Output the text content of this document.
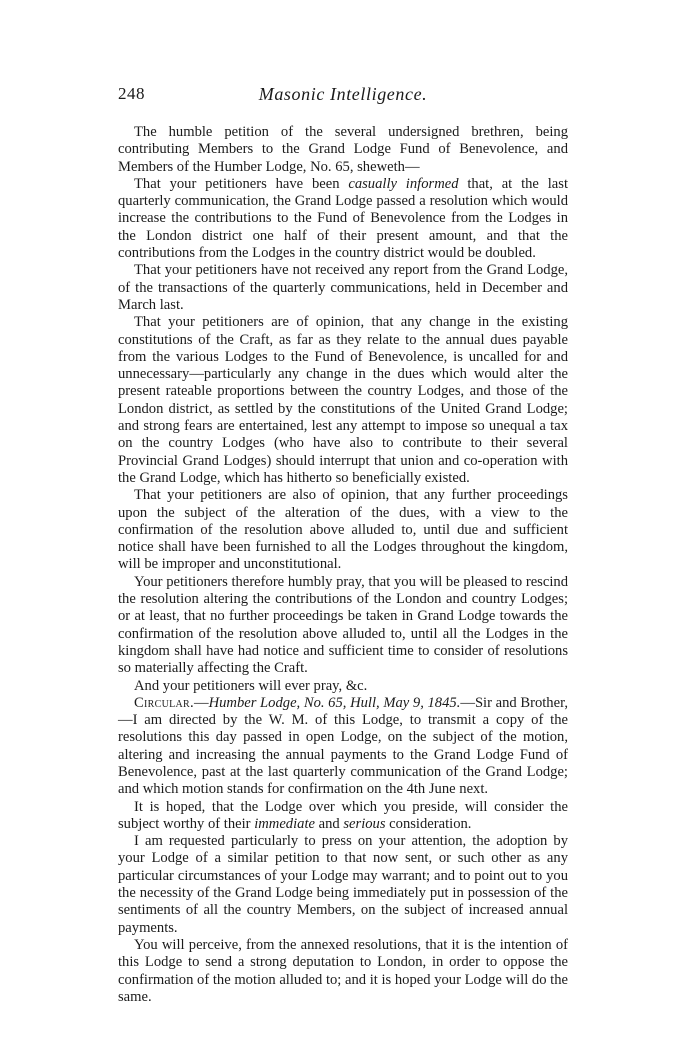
248	Masonic Intelligence.

The humble petition of the several undersigned brethren, being contributing Members to the Grand Lodge Fund of Benevolence, and Members of the Humber Lodge, No. 65, sheweth—

That your petitioners have been casually informed that, at the last quarterly communication, the Grand Lodge passed a resolution which would increase the contributions to the Fund of Benevolence from the Lodges in the London district one half of their present amount, and that the contributions from the Lodges in the country district would be doubled.

That your petitioners have not received any report from the Grand Lodge, of the transactions of the quarterly communications, held in December and March last.

That your petitioners are of opinion, that any change in the existing constitutions of the Craft, as far as they relate to the annual dues payable from the various Lodges to the Fund of Benevolence, is uncalled for and unnecessary—particularly any change in the dues which would alter the present rateable proportions between the country Lodges, and those of the London district, as settled by the constitutions of the United Grand Lodge; and strong fears are entertained, lest any attempt to impose so unequal a tax on the country Lodges (who have also to contribute to their several Provincial Grand Lodges) should interrupt that union and co-operation with the Grand Lodge, which has hitherto so beneficially existed.

That your petitioners are also of opinion, that any further proceedings upon the subject of the alteration of the dues, with a view to the confirmation of the resolution above alluded to, until due and sufficient notice shall have been furnished to all the Lodges throughout the kingdom, will be improper and unconstitutional.

Your petitioners therefore humbly pray, that you will be pleased to rescind the resolution altering the contributions of the London and country Lodges; or at least, that no further proceedings be taken in Grand Lodge towards the confirmation of the resolution above alluded to, until all the Lodges in the kingdom shall have had notice and sufficient time to consider of resolutions so materially affecting the Craft.

And your petitioners will ever pray, &c.

Circular.—Humber Lodge, No. 65, Hull, May 9, 1845.—Sir and Brother,—I am directed by the W. M. of this Lodge, to transmit a copy of the resolutions this day passed in open Lodge, on the subject of the motion, altering and increasing the annual payments to the Grand Lodge Fund of Benevolence, past at the last quarterly communication of the Grand Lodge; and which motion stands for confirmation on the 4th June next.

It is hoped, that the Lodge over which you preside, will consider the subject worthy of their immediate and serious consideration.

I am requested particularly to press on your attention, the adoption by your Lodge of a similar petition to that now sent, or such other as any particular circumstances of your Lodge may warrant; and to point out to you the necessity of the Grand Lodge being immediately put in possession of the sentiments of all the country Members, on the subject of increased annual payments.

You will perceive, from the annexed resolutions, that it is the intention of this Lodge to send a strong deputation to London, in order to oppose the confirmation of the motion alluded to; and it is hoped your Lodge will do the same.
